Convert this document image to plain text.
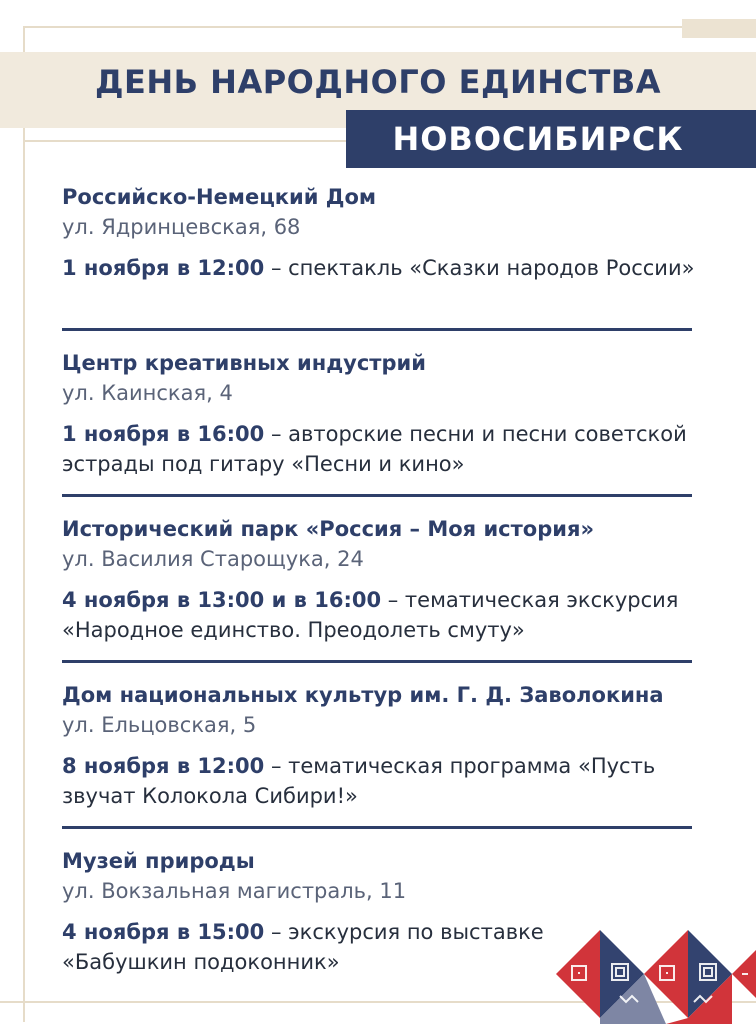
ДЕНЬ НАРОДНОГО ЕДИНСТВА
НОВОСИБИРСК

Российско-Немецкий Дом

ул. Ядринцевская, 68

1 ноября в 12:00 – спектакль «Сказки народов России»

Центр креативных индустрий

ул. Каинская, 4

1 ноября в 16:00 – авторские песни и песни советской эстрады под гитару «Песни и кино»

Исторический парк «Россия – Моя история»

ул. Василия Старощука, 24

4 ноября в 13:00 и в 16:00 – тематическая экскурсия «Народное единство. Преодолеть смуту»

Дом национальных культур им. Г. Д. Заволокина

ул. Ельцовская, 5

8 ноября в 12:00 – тематическая программа «Пусть звучат Колокола Сибири!»

Музей природы

ул. Вокзальная магистраль, 11

4 ноября в 15:00 – экскурсия по выставке «Бабушкин подоконник»
